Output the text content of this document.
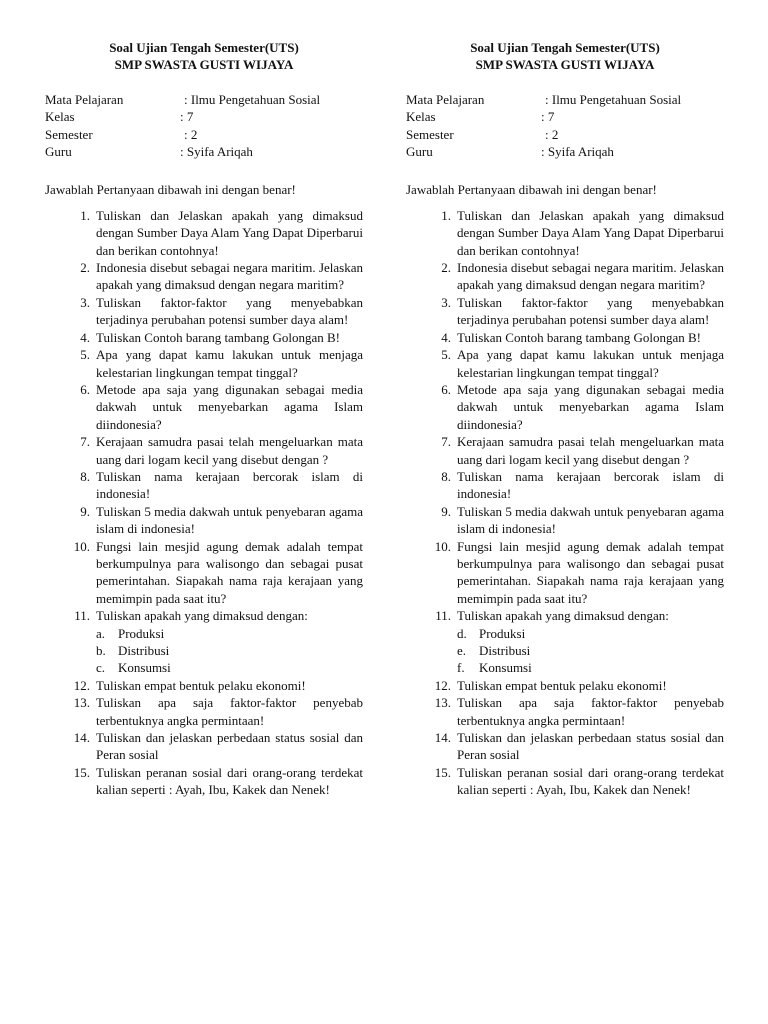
Soal Ujian Tengah Semester(UTS)

SMP SWASTA GUSTI WIJAYA

Mata Pelajaran	: Ilmu Pengetahuan Sosial
Kelas	: 7
Semester	: 2
Guru	: Syifa Ariqah

Jawablah Pertanyaan dibawah ini dengan benar!

1. Tuliskan dan Jelaskan apakah yang dimaksud dengan Sumber Daya Alam Yang Dapat Diperbarui dan berikan contohnya!
2. Indonesia disebut sebagai negara maritim. Jelaskan apakah yang dimaksud dengan negara maritim?
3. Tuliskan faktor-faktor yang menyebabkan terjadinya perubahan potensi sumber daya alam!
4. Tuliskan Contoh barang tambang Golongan B!
5. Apa yang dapat kamu lakukan untuk menjaga kelestarian lingkungan tempat tinggal?
6. Metode apa saja yang digunakan sebagai media dakwah untuk menyebarkan agama Islam diindonesia?
7. Kerajaan samudra pasai telah mengeluarkan mata uang dari logam kecil yang disebut dengan ?
8. Tuliskan nama kerajaan bercorak islam di indonesia!
9. Tuliskan 5 media dakwah untuk penyebaran agama islam di indonesia!
10. Fungsi lain mesjid agung demak adalah tempat berkumpulnya para walisongo dan sebagai pusat pemerintahan. Siapakah nama raja kerajaan yang memimpin pada saat itu?
11. Tuliskan apakah yang dimaksud dengan:
a. Produksi
b. Distribusi
c. Konsumsi
12. Tuliskan empat bentuk pelaku ekonomi!
13. Tuliskan apa saja faktor-faktor penyebab terbentuknya angka permintaan!
14. Tuliskan dan jelaskan perbedaan status sosial dan Peran sosial
15. Tuliskan peranan sosial dari orang-orang terdekat kalian seperti : Ayah, Ibu, Kakek dan Nenek!

Soal Ujian Tengah Semester(UTS)

SMP SWASTA GUSTI WIJAYA

Mata Pelajaran	: Ilmu Pengetahuan Sosial
Kelas	: 7
Semester	: 2
Guru	: Syifa Ariqah

Jawablah Pertanyaan dibawah ini dengan benar!

1. Tuliskan dan Jelaskan apakah yang dimaksud dengan Sumber Daya Alam Yang Dapat Diperbarui dan berikan contohnya!
2. Indonesia disebut sebagai negara maritim. Jelaskan apakah yang dimaksud dengan negara maritim?
3. Tuliskan faktor-faktor yang menyebabkan terjadinya perubahan potensi sumber daya alam!
4. Tuliskan Contoh barang tambang Golongan B!
5. Apa yang dapat kamu lakukan untuk menjaga kelestarian lingkungan tempat tinggal?
6. Metode apa saja yang digunakan sebagai media dakwah untuk menyebarkan agama Islam diindonesia?
7. Kerajaan samudra pasai telah mengeluarkan mata uang dari logam kecil yang disebut dengan ?
8. Tuliskan nama kerajaan bercorak islam di indonesia!
9. Tuliskan 5 media dakwah untuk penyebaran agama islam di indonesia!
10. Fungsi lain mesjid agung demak adalah tempat berkumpulnya para walisongo dan sebagai pusat pemerintahan. Siapakah nama raja kerajaan yang memimpin pada saat itu?
11. Tuliskan apakah yang dimaksud dengan:
d. Produksi
e. Distribusi
f.	Konsumsi
12. Tuliskan empat bentuk pelaku ekonomi!
13. Tuliskan apa saja faktor-faktor penyebab terbentuknya angka permintaan!
14. Tuliskan dan jelaskan perbedaan status sosial dan Peran sosial
15. Tuliskan peranan sosial dari orang-orang terdekat kalian seperti : Ayah, Ibu, Kakek dan Nenek!
